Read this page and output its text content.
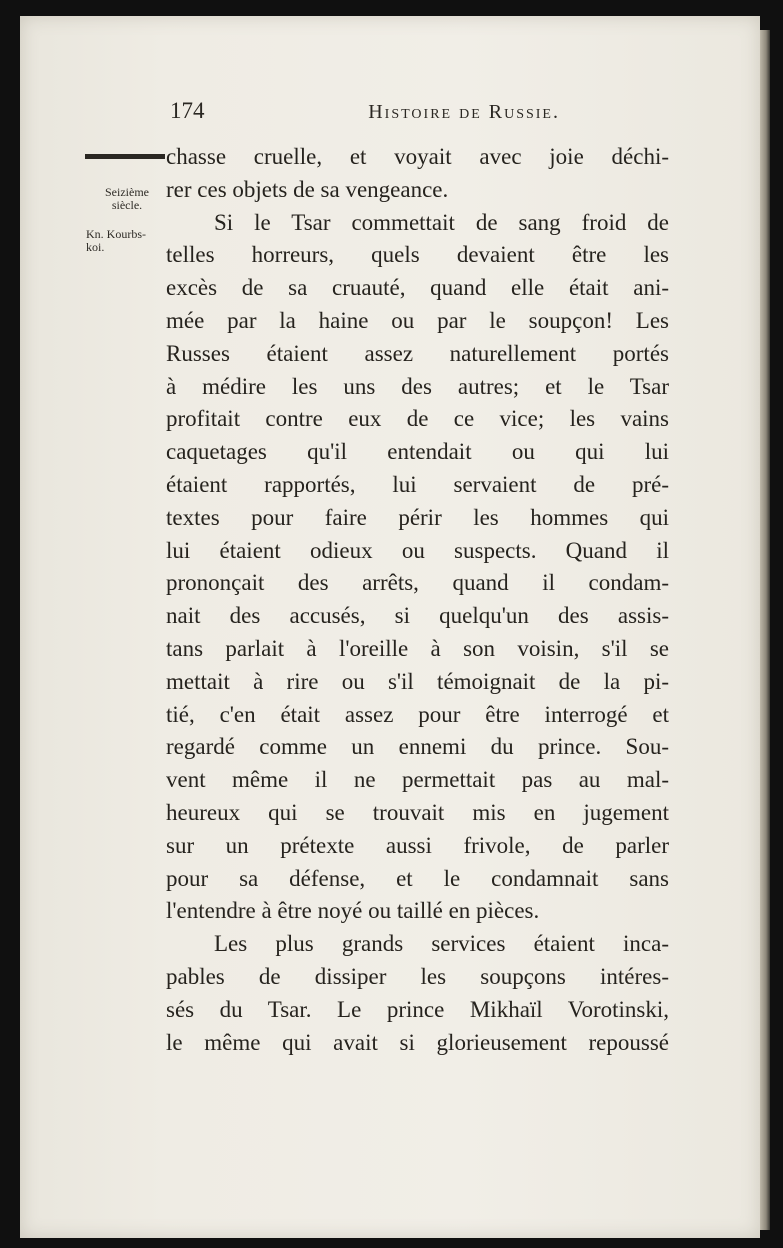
174	Histoire de Russie.
Seizième
siècle.
Kn. Kourbs-
koi.
chasse cruelle, et voyait avec joie déchi-
rer ces objets de sa vengeance.
Si le Tsar commettait de sang froid de
telles horreurs, quels devaient être les
excès de sa cruauté, quand elle était ani-
mée par la haine ou par le soupçon! Les
Russes étaient assez naturellement portés
à médire les uns des autres; et le Tsar
profitait contre eux de ce vice; les vains
caquetages qu'il entendait ou qui lui
étaient rapportés, lui servaient de pré-
textes pour faire périr les hommes qui
lui étaient odieux ou suspects. Quand il
prononçait des arrêts, quand il condam-
nait des accusés, si quelqu'un des assis-
tans parlait à l'oreille à son voisin, s'il se
mettait à rire ou s'il témoignait de la pi-
tié, c'en était assez pour être interrogé et
regardé comme un ennemi du prince. Sou-
vent même il ne permettait pas au mal-
heureux qui se trouvait mis en jugement
sur un prétexte aussi frivole, de parler
pour sa défense, et le condamnait sans
l'entendre à être noyé ou taillé en pièces.
Les plus grands services étaient inca-
pables de dissiper les soupçons intéres-
sés du Tsar. Le prince Mikhaïl Vorotinski,
le même qui avait si glorieusement repoussé
